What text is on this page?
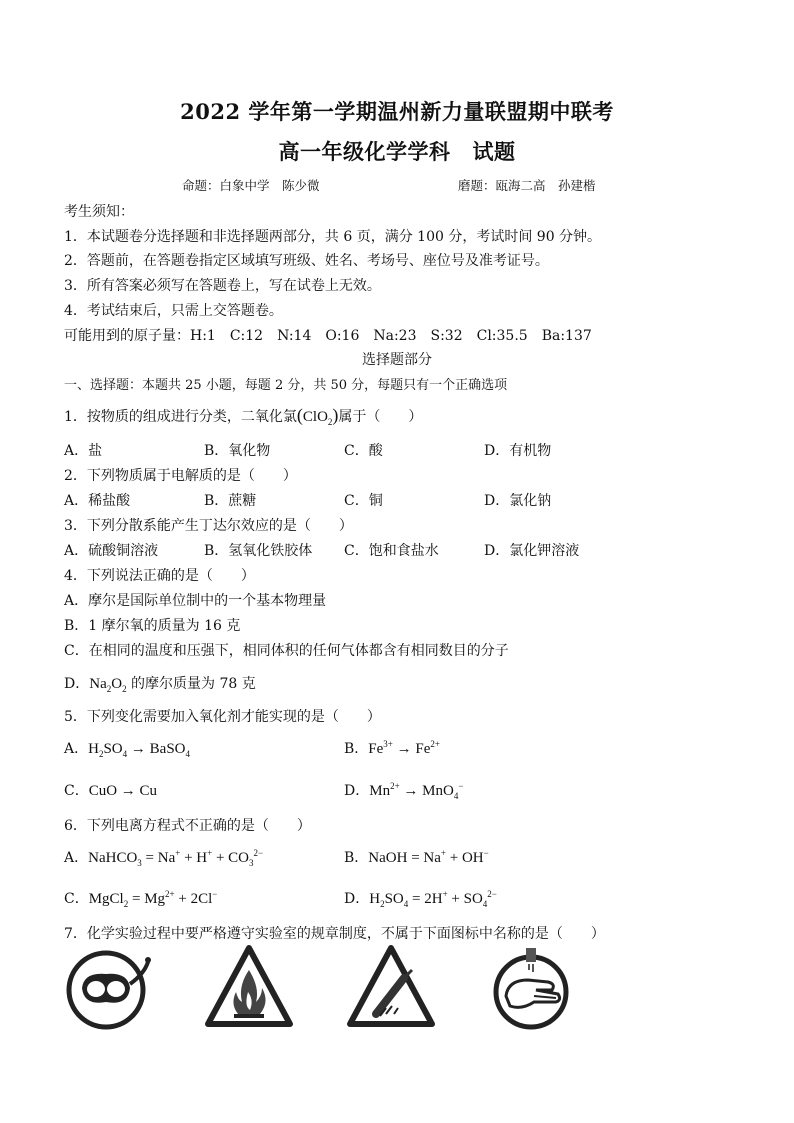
2022 学年第一学期温州新力量联盟期中联考
高一年级化学学科 试题
命题：白象中学　陈少微	磨题：瓯海二高　孙建楷
考生须知：
1．本试题卷分选择题和非选择题两部分，共 6 页，满分 100 分，考试时间 90 分钟。
2．答题前，在答题卷指定区域填写班级、姓名、考场号、座位号及准考证号。
3．所有答案必须写在答题卷上，写在试卷上无效。
4．考试结束后，只需上交答题卷。
可能用到的原子量：H:1　C:12　N:14　O:16　Na:23　S:32　Cl:35.5　Ba:137
选择题部分
一、选择题：本题共 25 小题，每题 2 分，共 50 分，每题只有一个正确选项
1．按物质的组成进行分类，二氧化氯(ClO$_2$)属于（　　）
A．盐	B．氧化物	C．酸	D．有机物
2．下列物质属于电解质的是（　　）
A．稀盐酸	B．蔗糖	C．铜	D．氯化钠
3．下列分散系能产生丁达尔效应的是（　　）
A．硫酸铜溶液	B．氢氧化铁胶体 C．饱和食盐水	D．氯化钾溶液
4．下列说法正确的是（　　）
A．摩尔是国际单位制中的一个基本物理量
B．1 摩尔氧的质量为 16 克
C．在相同的温度和压强下，相同体积的任何气体都含有相同数目的分子
D．$Na_2O_2$ 的摩尔质量为 78 克
5．下列变化需要加入氧化剂才能实现的是（　　）
A．$H_2SO_4$ → BaSO$_4$	B．$Fe^{3+} \to Fe^{2+}$
C．CuO → Cu	D．$Mn^{2+} \to MnO_4^-$
6．下列电离方程式不正确的是（　　）
A．NaHCO$_3$ = $Na^+ + H^+ + CO_3^{2-}$	B．NaOH = Na+ + OH−
C．MgCl$_2$ = $Mg^{2+} + 2Cl^-$	D．$H_2SO_4 = 2H^+ + SO_4^{2-}$
7．化学实验过程中要严格遵守实验室的规章制度，不属于下面图标中名称的是（　　）
